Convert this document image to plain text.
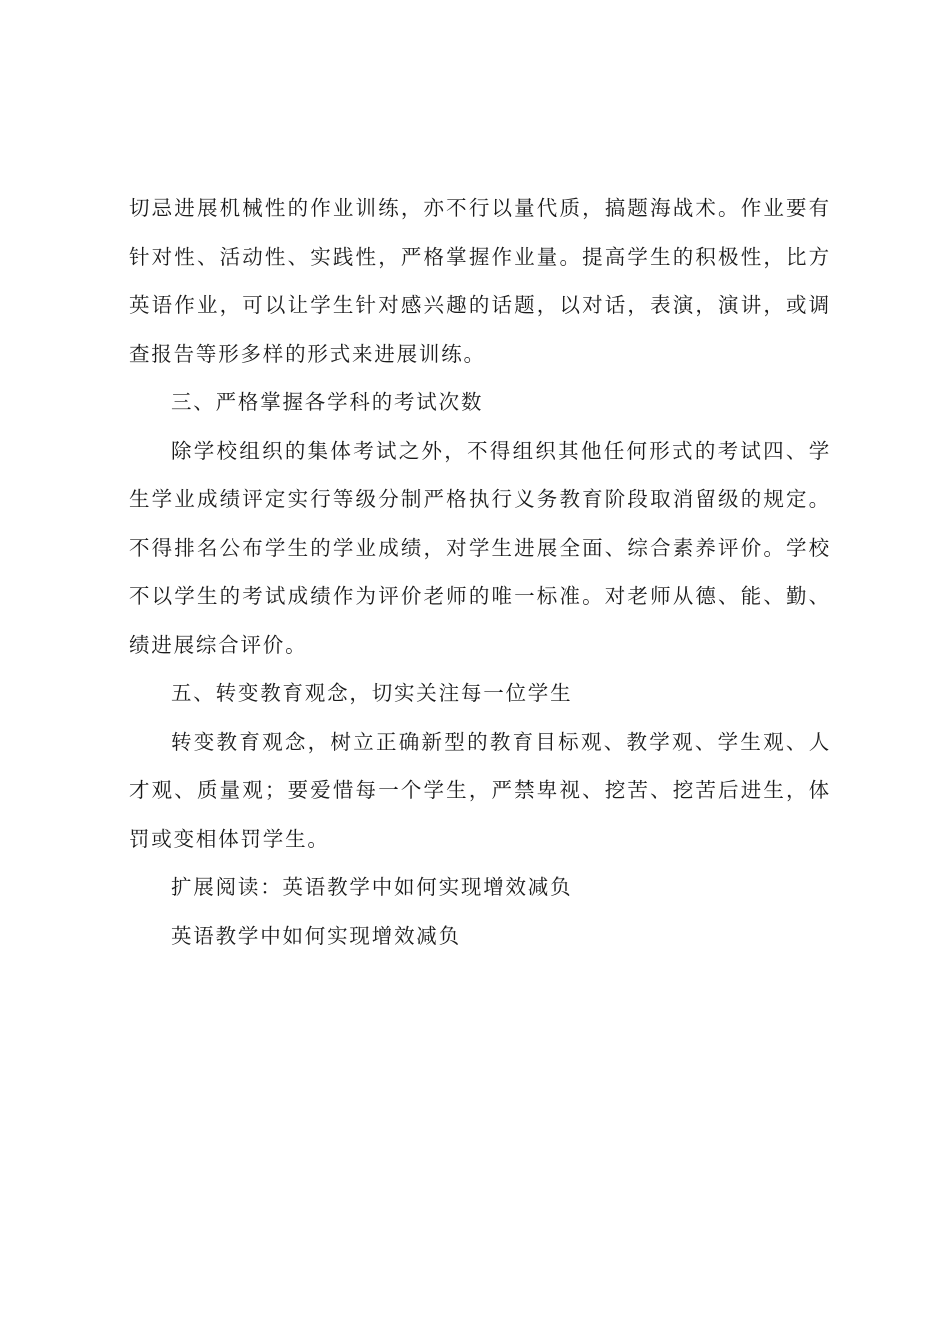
切忌进展机械性的作业训练，亦不行以量代质，搞题海战术。作业要有针对性、活动性、实践性，严格掌握作业量。提高学生的积极性，比方英语作业，可以让学生针对感兴趣的话题，以对话，表演，演讲，或调查报告等形多样的形式来进展训练。

三、严格掌握各学科的考试次数

除学校组织的集体考试之外，不得组织其他任何形式的考试四、学生学业成绩评定实行等级分制严格执行义务教育阶段取消留级的规定。不得排名公布学生的学业成绩，对学生进展全面、综合素养评价。学校不以学生的考试成绩作为评价老师的唯一标准。对老师从德、能、勤、绩进展综合评价。

五、转变教育观念，切实关注每一位学生

转变教育观念，树立正确新型的教育目标观、教学观、学生观、人才观、质量观；要爱惜每一个学生，严禁卑视、挖苦、挖苦后进生，体罚或变相体罚学生。

扩展阅读：英语教学中如何实现增效减负

英语教学中如何实现增效减负
